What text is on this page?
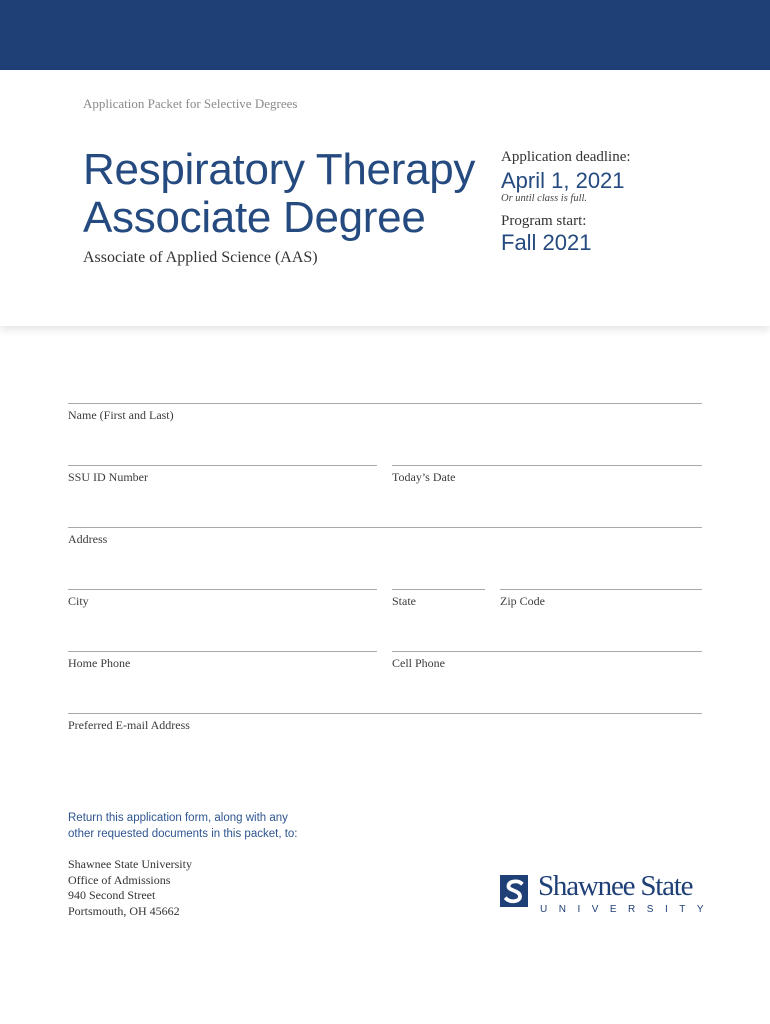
Application Packet for Selective Degrees
Respiratory Therapy
Associate Degree
Associate of Applied Science (AAS)
Application deadline:
April 1, 2021
Or until class is full.
Program start:
Fall 2021
Name (First and Last)
SSU ID Number	Today’s Date
Address
City	State	Zip Code
Home Phone	Cell Phone
Preferred E-mail Address
Return this application form, along with any
other requested documents in this packet, to:
Shawnee State University
Office of Admissions
940 Second Street
Portsmouth, OH 45662
Shawnee State
UNIVERSITY
